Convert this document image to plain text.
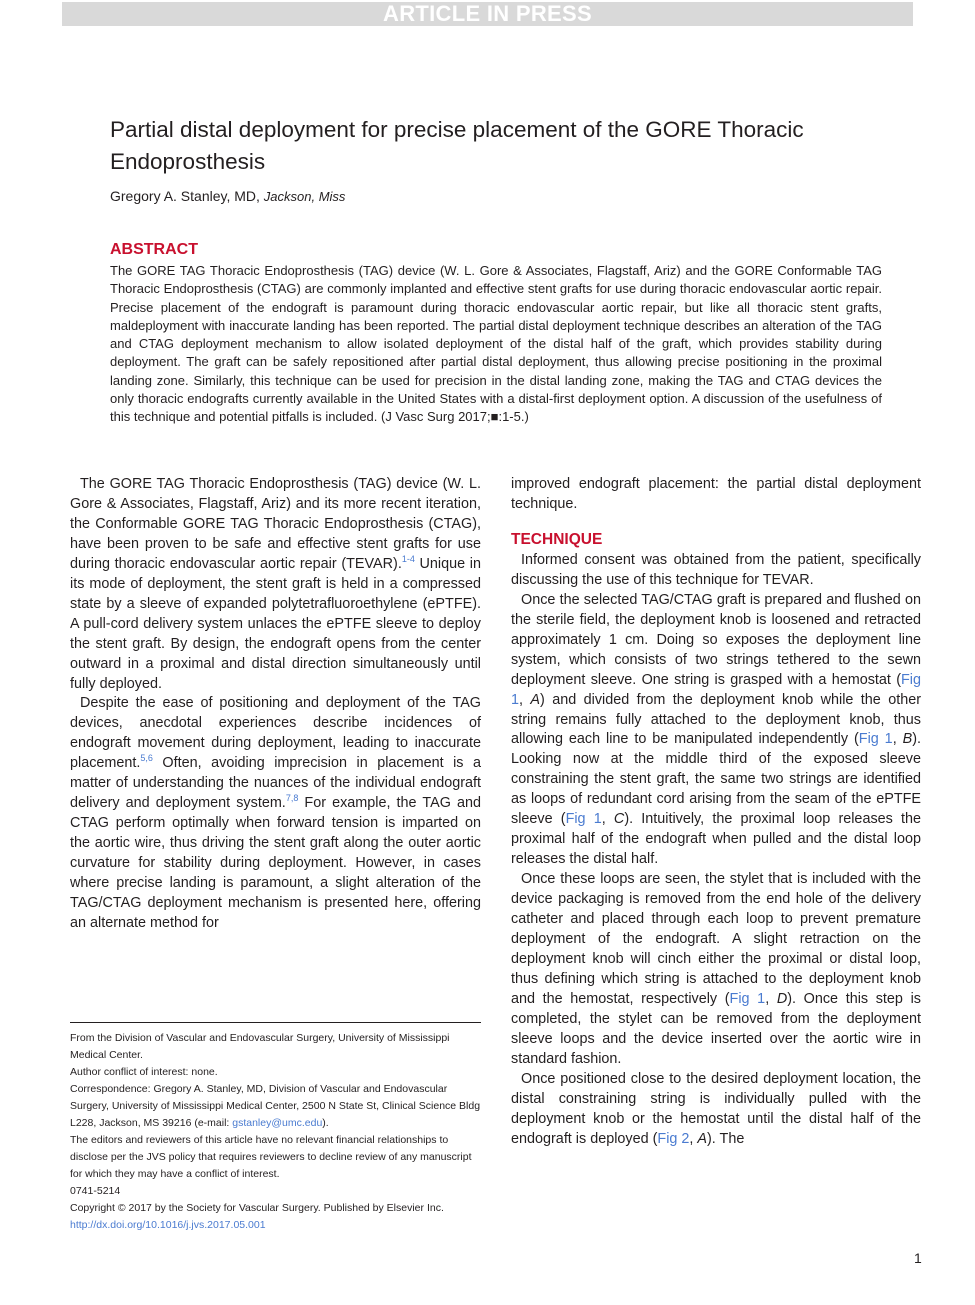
ARTICLE IN PRESS
Partial distal deployment for precise placement of the GORE Thoracic Endoprosthesis
Gregory A. Stanley, MD, Jackson, Miss
ABSTRACT
The GORE TAG Thoracic Endoprosthesis (TAG) device (W. L. Gore & Associates, Flagstaff, Ariz) and the GORE Conformable TAG Thoracic Endoprosthesis (CTAG) are commonly implanted and effective stent grafts for use during thoracic endovascular aortic repair. Precise placement of the endograft is paramount during thoracic endovascular aortic repair, but like all thoracic stent grafts, maldeployment with inaccurate landing has been reported. The partial distal deployment technique describes an alteration of the TAG and CTAG deployment mechanism to allow isolated deployment of the distal half of the graft, which provides stability during deployment. The graft can be safely repositioned after partial distal deployment, thus allowing precise positioning in the proximal landing zone. Similarly, this technique can be used for precision in the distal landing zone, making the TAG and CTAG devices the only thoracic endografts currently available in the United States with a distal-first deployment option. A discussion of the usefulness of this technique and potential pitfalls is included. (J Vasc Surg 2017;■:1-5.)

The GORE TAG Thoracic Endoprosthesis (TAG) device (W. L. Gore & Associates, Flagstaff, Ariz) and its more recent iteration, the Conformable GORE TAG Thoracic Endoprosthesis (CTAG), have been proven to be safe and effective stent grafts for use during thoracic endovascular aortic repair (TEVAR).$^{1-4}$ Unique in its mode of deployment, the stent graft is held in a compressed state by a sleeve of expanded polytetrafluoroethylene (ePTFE). A pull-cord delivery system unlaces the ePTFE sleeve to deploy the stent graft. By design, the endograft opens from the center outward in a proximal and distal direction simultaneously until fully deployed.

Despite the ease of positioning and deployment of the TAG devices, anecdotal experiences describe incidences of endograft movement during deployment, leading to inaccurate placement.$^{5,6}$ Often, avoiding imprecision in placement is a matter of understanding the nuances of the individual endograft delivery and deployment system.$^{7,8}$ For example, the TAG and CTAG perform optimally when forward tension is imparted on the aortic wire, thus driving the stent graft along the outer aortic curvature for stability during deployment. However, in cases where precise landing is paramount, a slight alteration of the TAG/CTAG deployment mechanism is presented here, offering an alternate method for

improved endograft placement: the partial distal deployment technique.

TECHNIQUE

Informed consent was obtained from the patient, specifically discussing the use of this technique for TEVAR.

Once the selected TAG/CTAG graft is prepared and flushed on the sterile field, the deployment knob is loosened and retracted approximately 1 cm. Doing so exposes the deployment line system, which consists of two strings tethered to the sewn deployment sleeve. One string is grasped with a hemostat (Fig 1, A) and divided from the deployment knob while the other string remains fully attached to the deployment knob, thus allowing each line to be manipulated independently (Fig 1, B). Looking now at the middle third of the exposed sleeve constraining the stent graft, the same two strings are identified as loops of redundant cord arising from the seam of the ePTFE sleeve (Fig 1, C). Intuitively, the proximal loop releases the proximal half of the endograft when pulled and the distal loop releases the distal half.

Once these loops are seen, the stylet that is included with the device packaging is removed from the end hole of the delivery catheter and placed through each loop to prevent premature deployment of the endograft. A slight retraction on the deployment knob will cinch either the proximal or distal loop, thus defining which string is attached to the deployment knob and the hemostat, respectively (Fig 1, D). Once this step is completed, the stylet can be removed from the deployment sleeve loops and the device inserted over the aortic wire in standard fashion.

Once positioned close to the desired deployment location, the distal constraining string is individually pulled with the deployment knob or the hemostat until the distal half of the endograft is deployed (Fig 2, A). The

From the Division of Vascular and Endovascular Surgery, University of Mississippi Medical Center.

Author conflict of interest: none.

Correspondence: Gregory A. Stanley, MD, Division of Vascular and Endovascular Surgery, University of Mississippi Medical Center, 2500 N State St, Clinical Science Bldg L228, Jackson, MS 39216 (e-mail: gstanley@umc.edu).

The editors and reviewers of this article have no relevant financial relationships to disclose per the JVS policy that requires reviewers to decline review of any manuscript for which they may have a conflict of interest.

0741-5214

Copyright © 2017 by the Society for Vascular Surgery. Published by Elsevier Inc.

http://dx.doi.org/10.1016/j.jvs.2017.05.001

1
